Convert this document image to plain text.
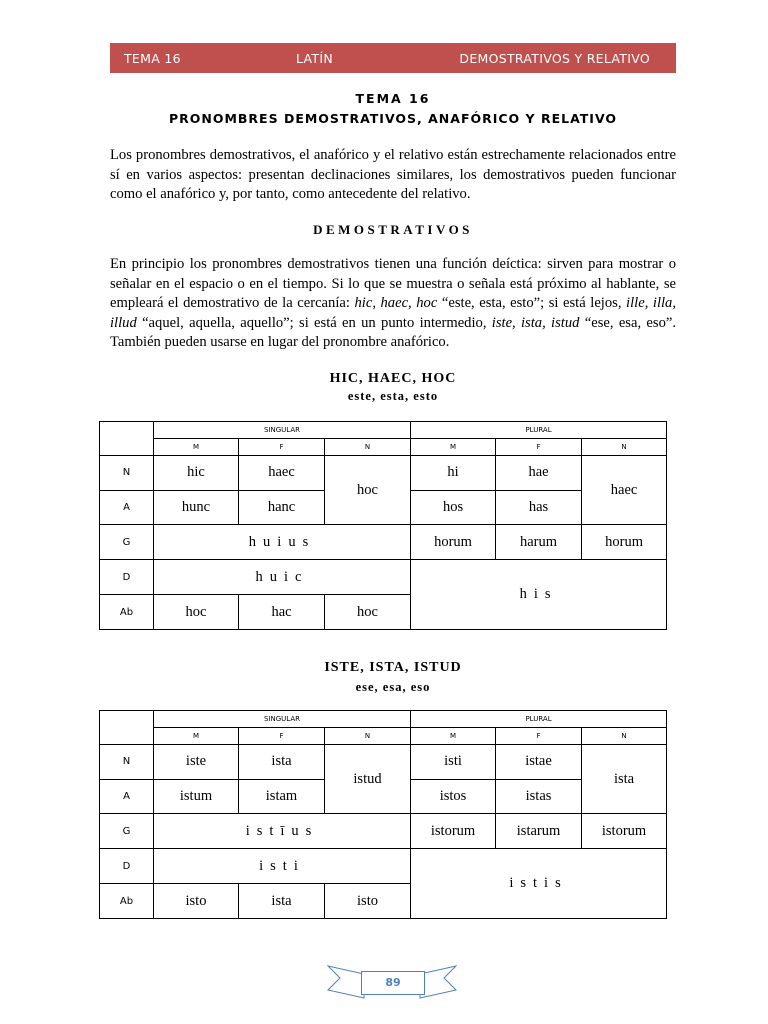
TEMA 16	LATÍN	DEMOSTRATIVOS Y RELATIVO
TEMA 16
PRONOMBRES DEMOSTRATIVOS, ANAFÓRICO Y RELATIVO
Los pronombres demostrativos, el anafórico y el relativo están estrechamente relacionados entre sí en varios aspectos: presentan declinaciones similares, los demostrativos pueden funcionar como el anafórico y, por tanto, como antecedente del relativo.
DEMOSTRATIVOS
En principio los pronombres demostrativos tienen una función deíctica: sirven para mostrar o señalar en el espacio o en el tiempo. Si lo que se muestra o señala está próximo al hablante, se empleará el demostrativo de la cercanía: hic, haec, hoc “este, esta, esto”; si está lejos, ille, illa, illud “aquel, aquella, aquello”; si está en un punto intermedio, iste, ista, istud “ese, esa, eso”. También pueden usarse en lugar del pronombre anafórico.
HIC, HAEC, HOC
este, esta, esto
	SINGULAR			PLURAL		
	M	F	N	M	F	N
N	hic	haec	hoc	hi	hae	haec
A	hunc	hanc		hos	has	
G	huius			horum	harum	horum
D	huic			his		
Ab	hoc	hac	hoc			
ISTE, ISTA, ISTUD
ese, esa, eso
	SINGULAR			PLURAL		
	M	F	N	M	F	N
N	iste	ista	istud	isti	istae	ista
A	istum	istam		istos	istas	
G	istīus			istorum	istarum	istorum
D	isti			istis		
Ab	isto	ista	isto			
89
